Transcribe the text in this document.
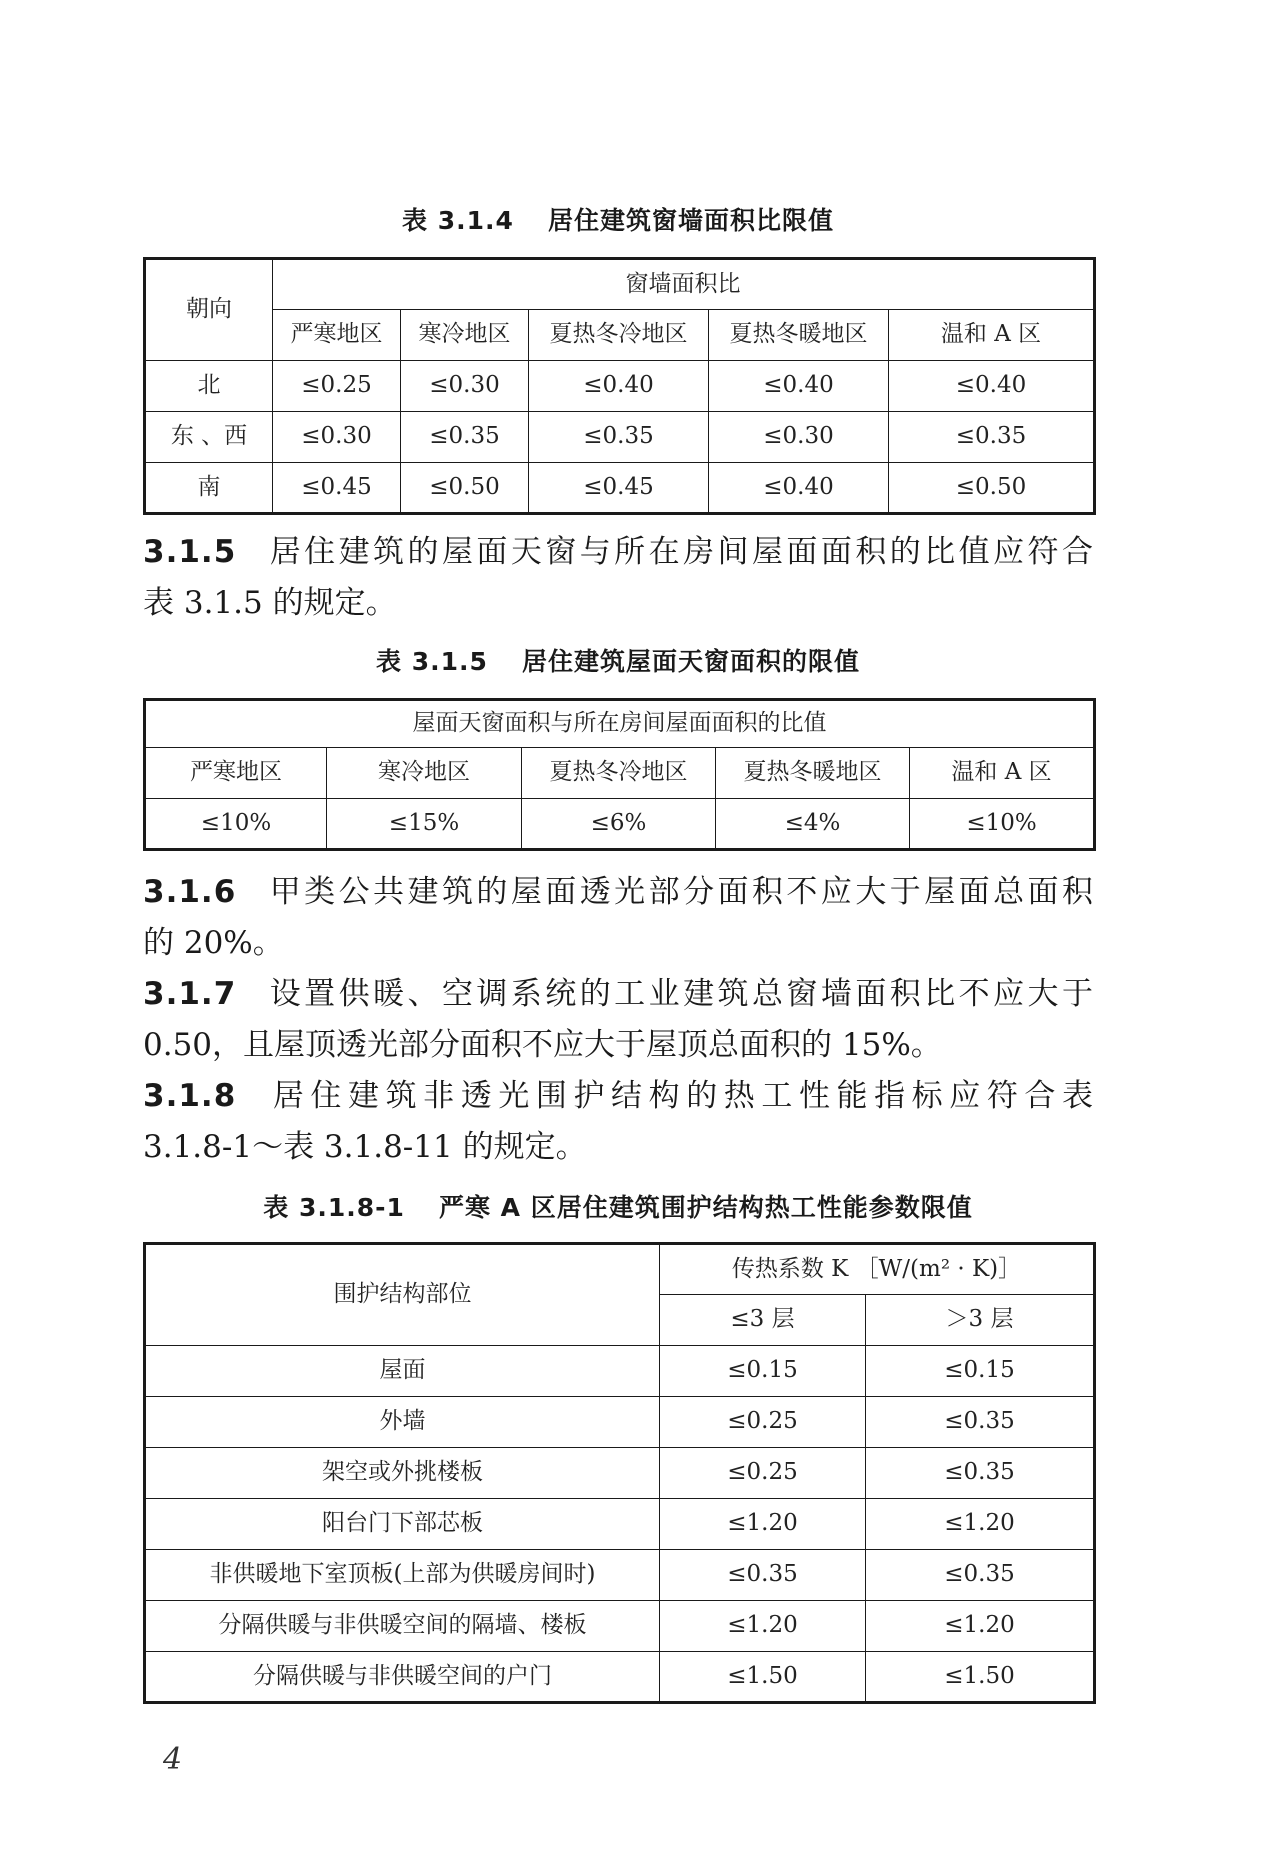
表 3.1.4 居住建筑窗墙面积比限值
朝向	窗墙面积比				
	严寒地区	寒冷地区	夏热冬冷地区	夏热冬暖地区	温和 A 区
北	≤0.25	≤0.30	≤0.40	≤0.40	≤0.40
东 、西	≤0.30	≤0.35	≤0.35	≤0.30	≤0.35
南	≤0.45	≤0.50	≤0.45	≤0.40	≤0.50

3.1.5 居住建筑的屋面天窗与所在房间屋面面积的比值应符合

表 3.1.5 的规定。

表 3.1.5 居住建筑屋面天窗面积的限值
屋面天窗面积与所在房间屋面面积的比值				
严寒地区	寒冷地区	夏热冬冷地区	夏热冬暖地区	温和 A 区
≤10%	≤15%	≤6%	≤4%	≤10%

3.1.6 甲类公共建筑的屋面透光部分面积不应大于屋面总面积

的 20%。

3.1.7 设置供暖、空调系统的工业建筑总窗墙面积比不应大于

0.50，且屋顶透光部分面积不应大于屋顶总面积的 15%。

3.1.8 居住建筑非透光围护结构的热工性能指标应符合表

3.1.8-1～表 3.1.8-11 的规定。

表 3.1.8-1 严寒 A 区居住建筑围护结构热工性能参数限值
围护结构部位	传热系数 K ［W/(m² · K)］	
	≤3 层	＞3 层
屋面	≤0.15	≤0.15
外墙	≤0.25	≤0.35
架空或外挑楼板	≤0.25	≤0.35
阳台门下部芯板	≤1.20	≤1.20
非供暖地下室顶板(上部为供暖房间时)	≤0.35	≤0.35
分隔供暖与非供暖空间的隔墙、楼板	≤1.20	≤1.20
分隔供暖与非供暖空间的户门	≤1.50	≤1.50
4
